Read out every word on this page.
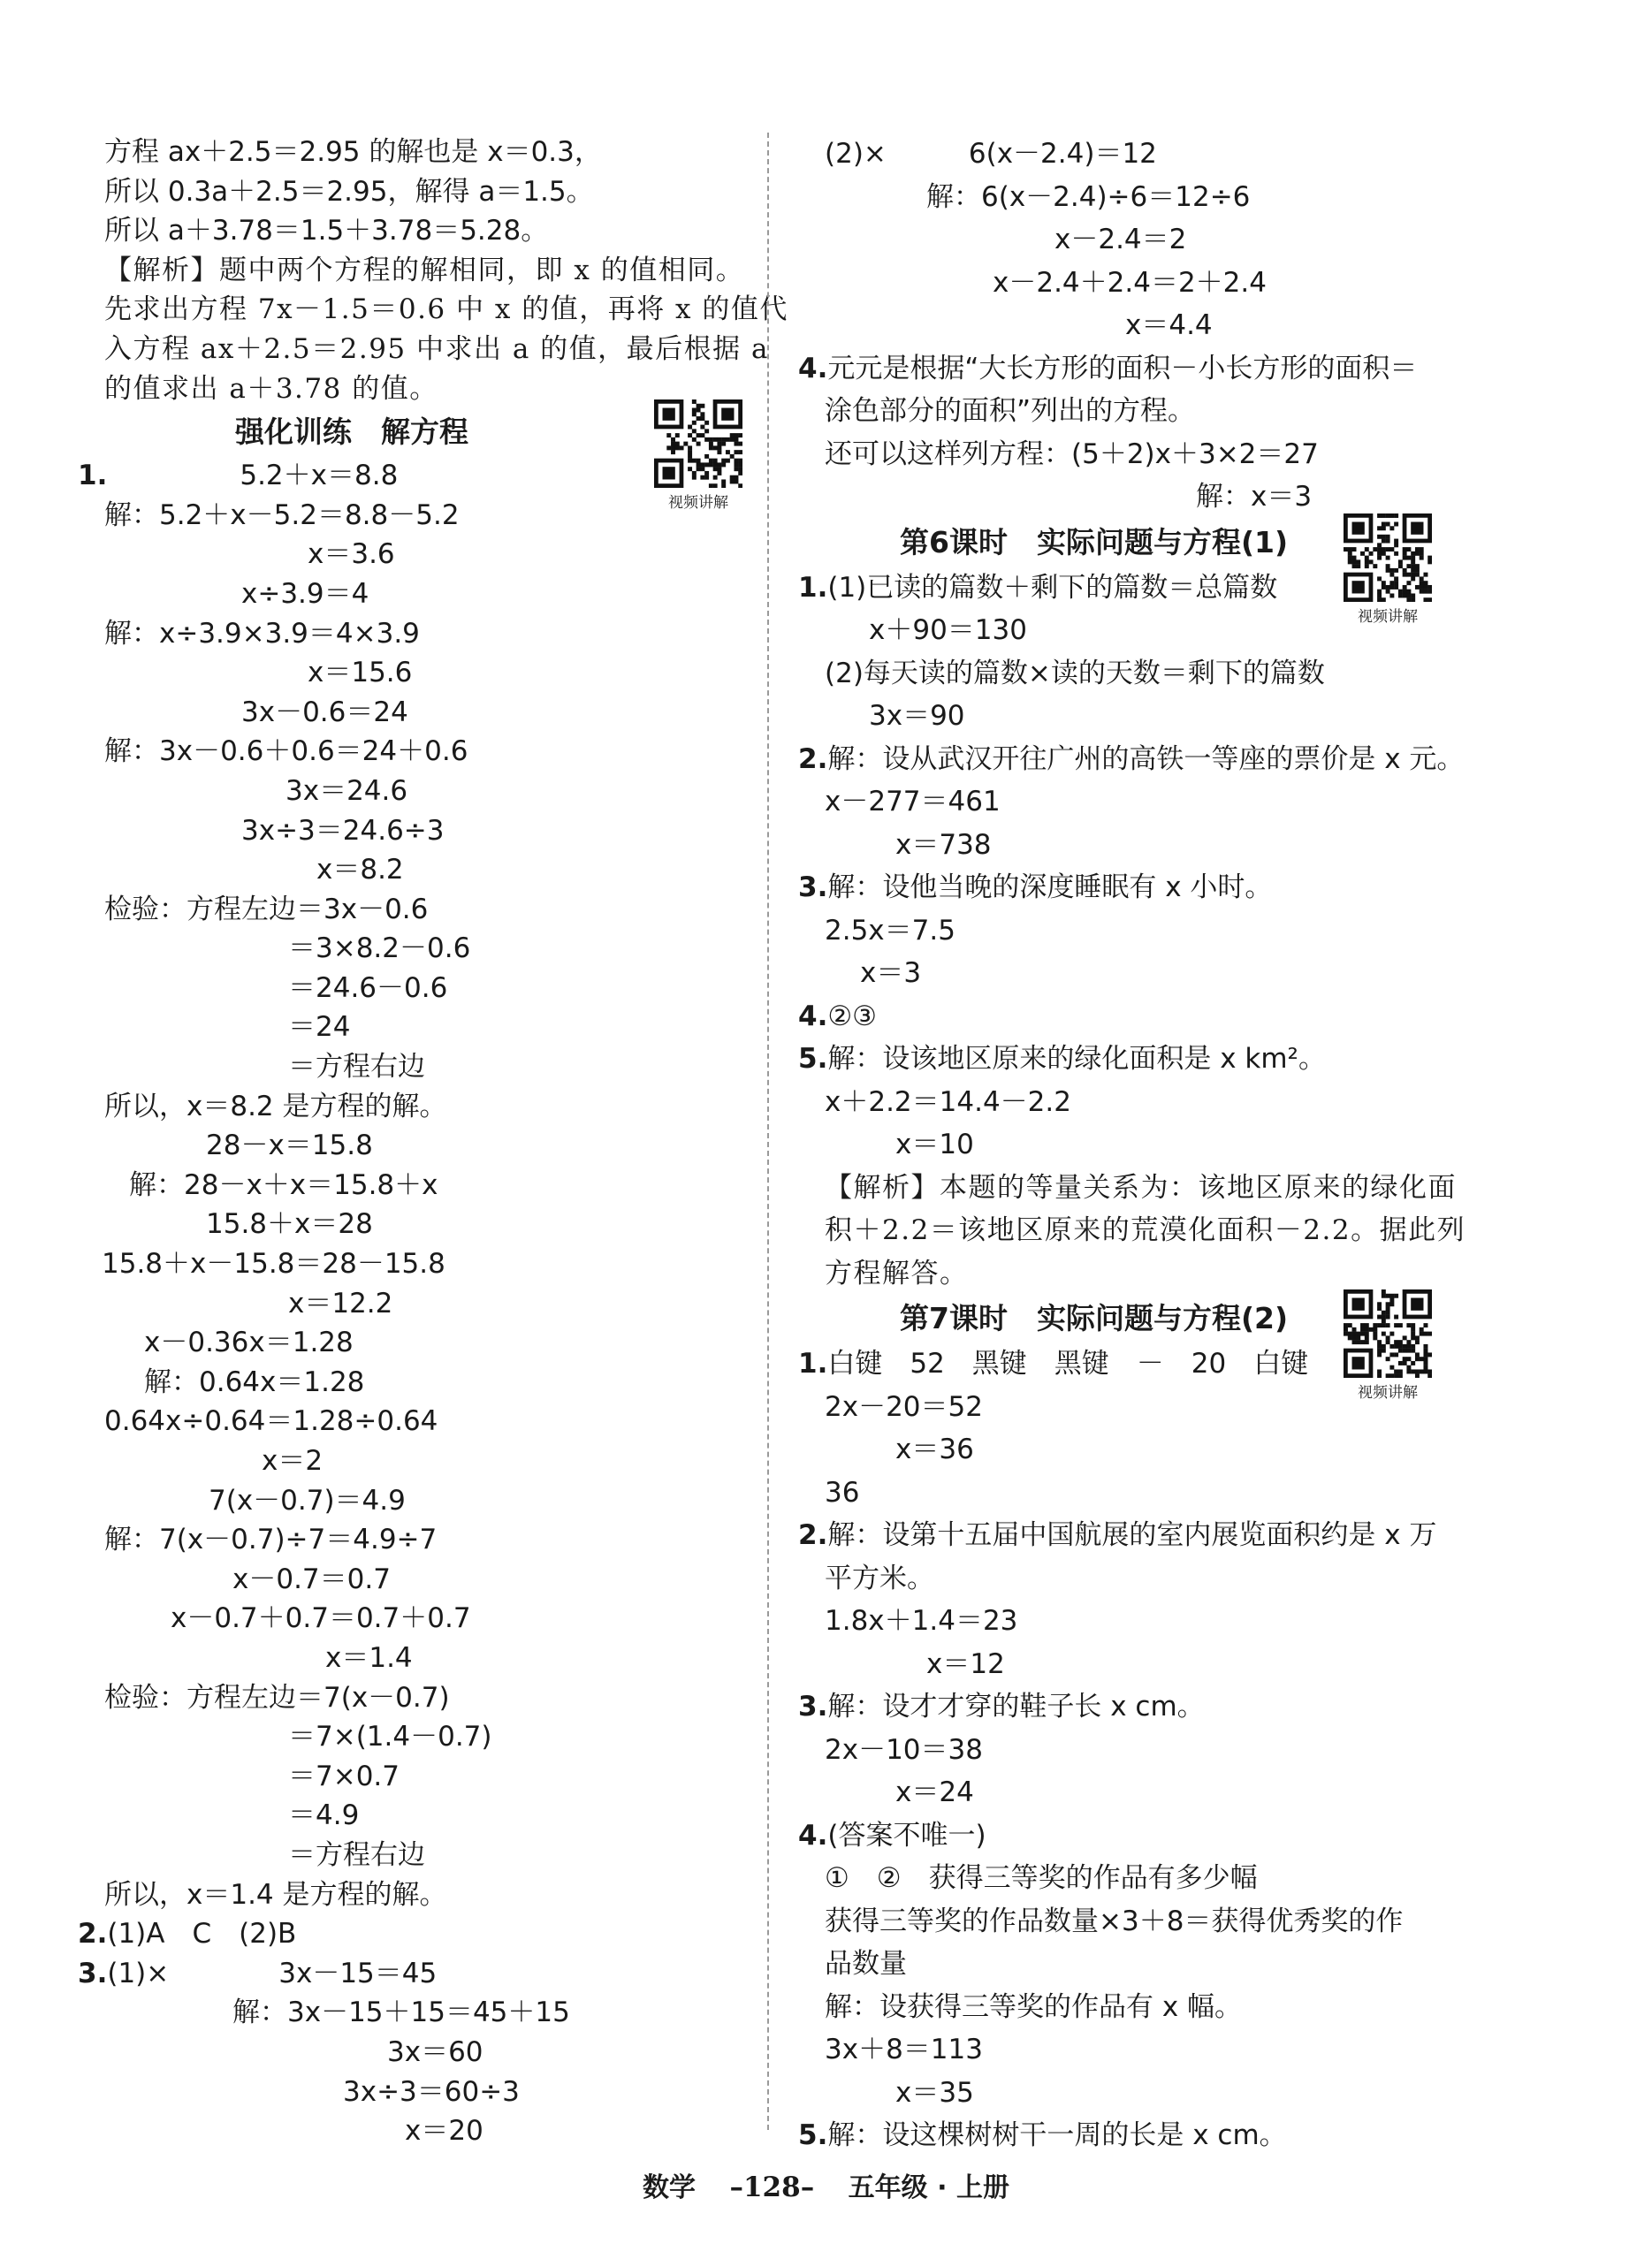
方程 ax＋2.5＝2.95 的解也是 x＝0.3，
所以 0.3a＋2.5＝2.95，解得 a＝1.5。
所以 a＋3.78＝1.5＋3.78＝5.28。
【解析】题中两个方程的解相同，即 x 的值相同。
先求出方程 7x－1.5＝0.6 中 x 的值，再将 x 的值代
入方程 ax＋2.5＝2.95 中求出 a 的值，最后根据 a
的值求出 a＋3.78 的值。
强化训练　解方程
1.	5.2＋x＝8.8
解：5.2＋x－5.2＝8.8－5.2
x＝3.6
x÷3.9＝4
解：x÷3.9×3.9＝4×3.9
x＝15.6
3x－0.6＝24
解：3x－0.6＋0.6＝24＋0.6
3x＝24.6
3x÷3＝24.6÷3
x＝8.2
检验：方程左边＝3x－0.6
＝3×8.2－0.6
＝24.6－0.6
＝24
＝方程右边
所以，x＝8.2 是方程的解。
28－x＝15.8
解：28－x＋x＝15.8＋x
15.8＋x＝28
15.8＋x－15.8＝28－15.8
x＝12.2
x－0.36x＝1.28
解：0.64x＝1.28
0.64x÷0.64＝1.28÷0.64
x＝2
7(x－0.7)＝4.9
解：7(x－0.7)÷7＝4.9÷7
x－0.7＝0.7
x－0.7＋0.7＝0.7＋0.7
x＝1.4
检验：方程左边＝7(x－0.7)
＝7×(1.4－0.7)
＝7×0.7
＝4.9
＝方程右边
所以，x＝1.4 是方程的解。
2.(1)A　C　(2)B
3.(1)×　　　　3x－15＝45
解：3x－15＋15＝45＋15
3x＝60
3x÷3＝60÷3
x＝20
(2)×　　　6(x－2.4)＝12
解：6(x－2.4)÷6＝12÷6
x－2.4＝2
x－2.4＋2.4＝2＋2.4
x＝4.4
4.元元是根据“大长方形的面积－小长方形的面积＝
涂色部分的面积”列出的方程。
还可以这样列方程：(5＋2)x＋3×2＝27
解：x＝3
第6课时　实际问题与方程(1)
1.(1)已读的篇数＋剩下的篇数＝总篇数
x＋90＝130
(2)每天读的篇数×读的天数＝剩下的篇数
3x＝90
2.解：设从武汉开往广州的高铁一等座的票价是 x 元。
x－277＝461
x＝738
3.解：设他当晚的深度睡眠有 x 小时。
2.5x＝7.5
x＝3
4.②③
5.解：设该地区原来的绿化面积是 x km²。
x＋2.2＝14.4－2.2
x＝10
【解析】本题的等量关系为：该地区原来的绿化面
积＋2.2＝该地区原来的荒漠化面积－2.2。据此列
方程解答。
第7课时　实际问题与方程(2)
1.白键　52　黑键　黑键　－　20　白键
2x－20＝52
x＝36
36
2.解：设第十五届中国航展的室内展览面积约是 x 万
平方米。
1.8x＋1.4＝23
x＝12
3.解：设才才穿的鞋子长 x cm。
2x－10＝38
x＝24
4.(答案不唯一)
①　②　获得三等奖的作品有多少幅
获得三等奖的作品数量×3＋8＝获得优秀奖的作
品数量
解：设获得三等奖的作品有 x 幅。
3x＋8＝113
x＝35
5.解：设这棵树树干一周的长是 x cm。
数学 –128– 五年级 · 上册
视频讲解
视频讲解
视频讲解
